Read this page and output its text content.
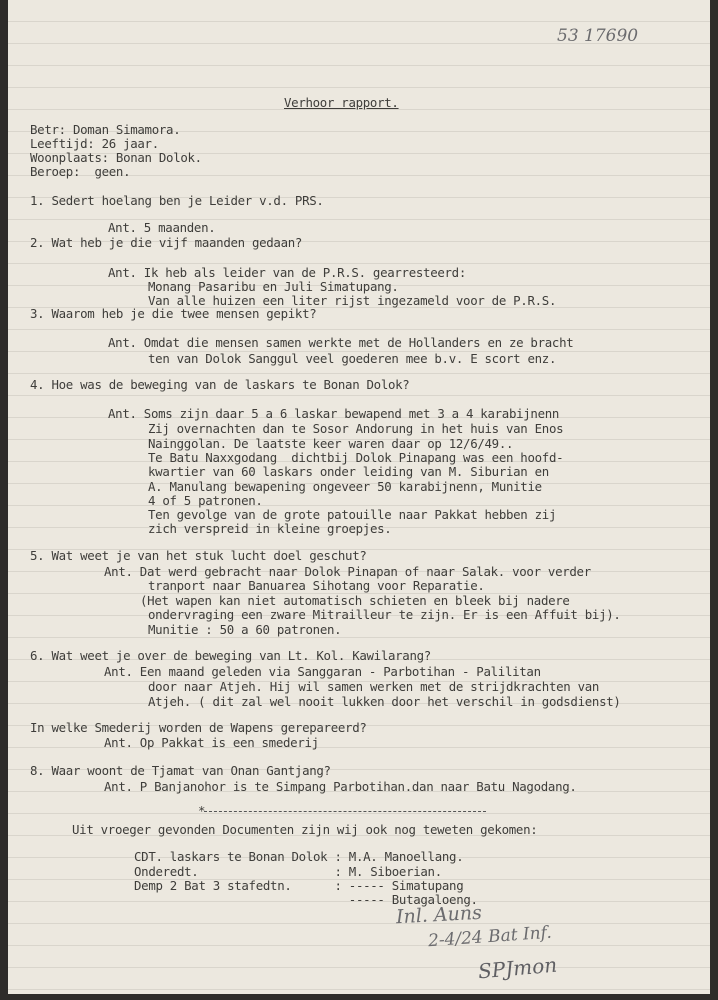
53 17690
Verhoor rapport.
Betr: Doman Simamora.
Leeftijd: 26 jaar.
Woonplaats: Bonan Dolok.
Beroep:  geen.
1. Sedert hoelang ben je Leider v.d. PRS.
Ant. 5 maanden.
2. Wat heb je die vijf maanden gedaan?
Ant. Ik heb als leider van de P.R.S. gearresteerd:
Monang Pasaribu en Juli Simatupang.
Van alle huizen een liter rijst ingezameld voor de P.R.S.
3. Waarom heb je die twee mensen gepikt?
Ant. Omdat die mensen samen werkte met de Hollanders en ze bracht
ten van Dolok Sanggul veel goederen mee b.v. E scort enz.
4. Hoe was de beweging van de laskars te Bonan Dolok?
Ant. Soms zijn daar 5 a 6 laskar bewapend met 3 a 4 karabijnenn
Zij overnachten dan te Sosor Andorung in het huis van Enos
Nainggolan. De laatste keer waren daar op 12/6/49..
Te Batu Naxxgodang  dichtbij Dolok Pinapang was een hoofd-
kwartier van 60 laskars onder leiding van M. Siburian en
A. Manulang bewapening ongeveer 50 karabijnenn, Munitie
4 of 5 patronen.
Ten gevolge van de grote patouille naar Pakkat hebben zij
zich verspreid in kleine groepjes.
5. Wat weet je van het stuk lucht doel geschut?
Ant. Dat werd gebracht naar Dolok Pinapan of naar Salak. voor verder
tranport naar Banuarea Sihotang voor Reparatie.
(Het wapen kan niet automatisch schieten en bleek bij nadere
ondervraging een zware Mitrailleur te zijn. Er is een Affuit bij).
Munitie : 50 a 60 patronen.
6. Wat weet je over de beweging van Lt. Kol. Kawilarang?
Ant. Een maand geleden via Sanggaran - Parbotihan - Palilitan
door naar Atjeh. Hij wil samen werken met de strijdkrachten van
Atjeh. ( dit zal wel nooit lukken door het verschil in godsdienst)
In welke Smederij worden de Wapens gerepareerd?
Ant. Op Pakkat is een smederij
8. Waar woont de Tjamat van Onan Gantjang?
Ant. P Banjanohor is te Simpang Parbotihan.dan naar Batu Nagodang.
*
Uit vroeger gevonden Documenten zijn wij ook nog teweten gekomen:
CDT. laskars te Bonan Dolok : M.A. Manoellang.
Onderedt.                   : M. Siboerian.
Demp 2 Bat 3 stafedtn.      : ----- Simatupang
----- Butagaloeng.
Inl. Auns
2-4/24 Bat Inf.
SPJmon
